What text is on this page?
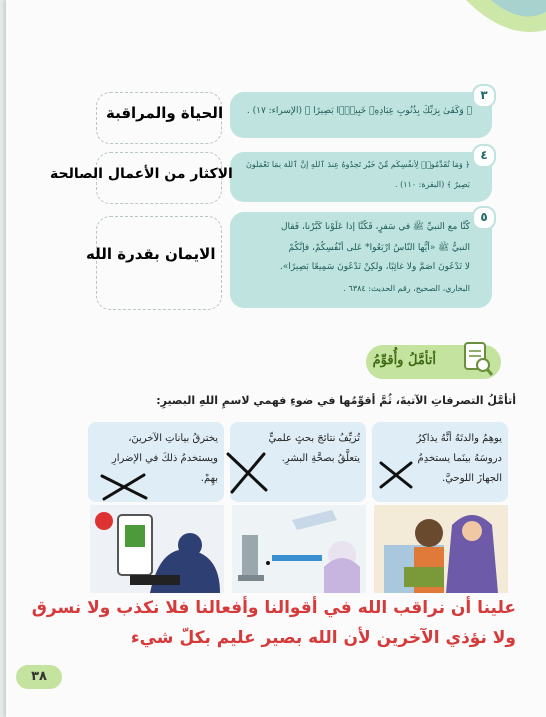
٣
﴿ وَكَفَىٰ بِرَبِّكَ بِذُنُوبِ عِبَادِهِۦ خَبِيرًۢا بَصِيرًا ﴾ (الإسراء: ١٧) .
٤
﴿ وَمَا تُقَدِّمُوا۟ لِأَنفُسِكُم مِّنْ خَيْرٍ تَجِدُوهُ عِندَ ٱللَّهِ إِنَّ ٱللَّهَ بِمَا تَعْمَلُونَ
بَصِيرٌ ﴾ (البقرة: ١١٠) .
٥
كُنَّا مع النبيِّ ﷺ في سَفرٍ، فَكُنَّا إذا عَلَوْنا كَبَّرْنا، فَقال
النبيُّ ﷺ «أيُّها النّاسُ ارْبَعُوا* عَلى أنْفُسِكُمْ، فإنَّكُمْ
لا تَدْعُونَ أصَمَّ ولا غائِبًا، ولكِنْ تَدْعُونَ سَمِيعًا بَصِيرًا».
البخاري، الصحيح، رقم الحديث: ٦٣٨٤ .
الحياة والمراقبة
الاكثار من الأعمال الصالحة
الايمان بقدرة الله
أتأمَّلُ وأُقوِّمُ
أتأمَّلُ التصرفاتِ الآتيةَ، ثُمَّ أقوِّمُها في ضوءِ فهمي لاسمِ اللهِ البصيرِ:
يوهِمُ والدتَهُ أنَّهُ يذاكِرُ
دروسَهُ بينَما يستخدِمُ
الجهازَ اللوحيَّ.
تُزيِّفُ نتائجَ بحثٍ علميٍّ
يتعلَّقُ بصحَّةِ البشرِ.
يخترقُ بياناتِ الآخرينَ،
ويستخدمُ ذلكَ في الإضرارِ
بهِمْ.
علينا أن نراقب الله في أقوالنا وأفعالنا فلا نكذب ولا نسرق
ولا نؤذي الآخرين لأن الله بصير عليم بكلّ شيء
٣٨
